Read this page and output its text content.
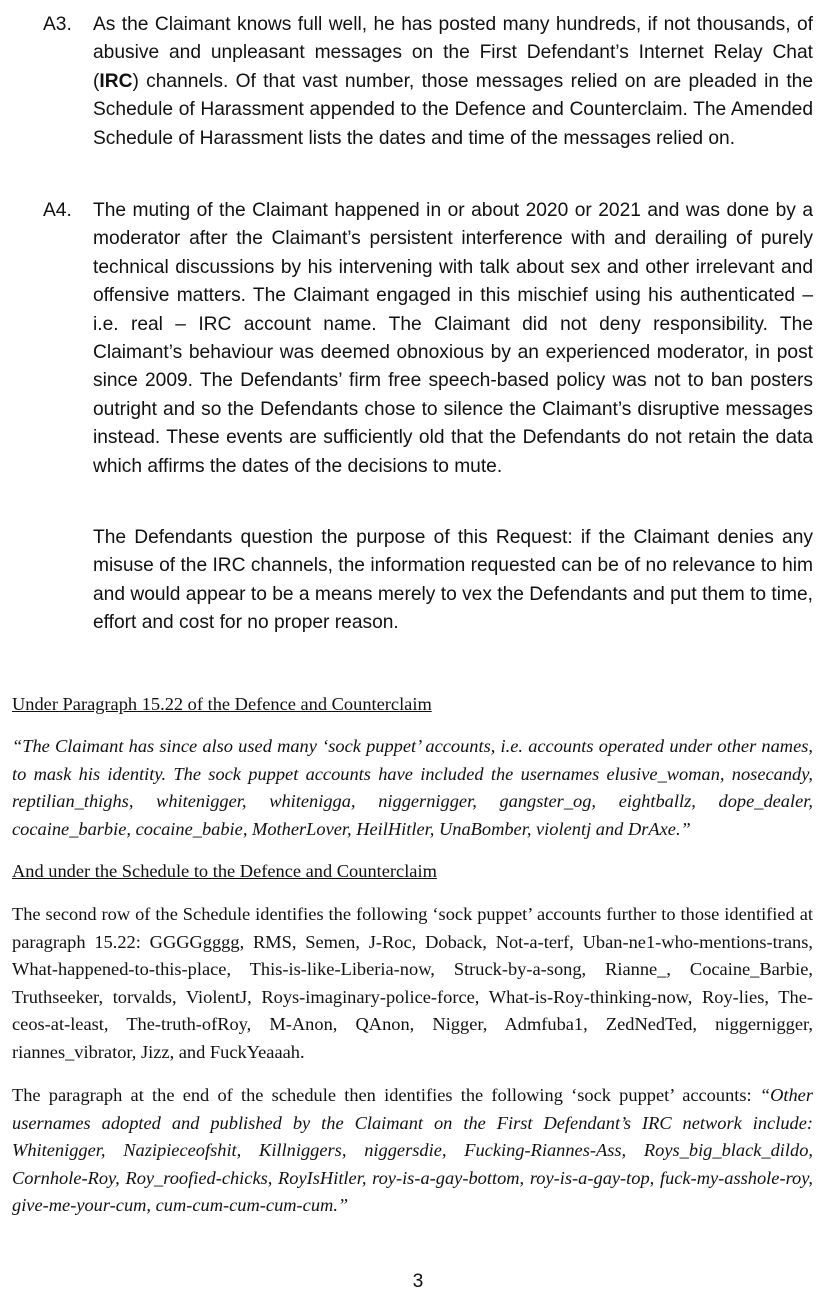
A3. As the Claimant knows full well, he has posted many hundreds, if not thousands, of abusive and unpleasant messages on the First Defendant’s Internet Relay Chat (IRC) channels. Of that vast number, those messages relied on are pleaded in the Schedule of Harassment appended to the Defence and Counterclaim. The Amended Schedule of Harassment lists the dates and time of the messages relied on.
A4. The muting of the Claimant happened in or about 2020 or 2021 and was done by a moderator after the Claimant’s persistent interference with and derailing of purely technical discussions by his intervening with talk about sex and other irrelevant and offensive matters. The Claimant engaged in this mischief using his authenticated – i.e. real – IRC account name. The Claimant did not deny responsibility. The Claimant’s behaviour was deemed obnoxious by an experienced moderator, in post since 2009. The Defendants’ firm free speech-based policy was not to ban posters outright and so the Defendants chose to silence the Claimant’s disruptive messages instead. These events are sufficiently old that the Defendants do not retain the data which affirms the dates of the decisions to mute.
The Defendants question the purpose of this Request: if the Claimant denies any misuse of the IRC channels, the information requested can be of no relevance to him and would appear to be a means merely to vex the Defendants and put them to time, effort and cost for no proper reason.
Under Paragraph 15.22 of the Defence and Counterclaim
“The Claimant has since also used many ‘sock puppet’ accounts, i.e. accounts operated under other names, to mask his identity. The sock puppet accounts have included the usernames elusive_woman, nosecandy, reptilian_thighs, whitenigger, whitenigga, niggernigger, gangster_og, eightballz, dope_dealer, cocaine_barbie, cocaine_babie, MotherLover, HeilHitler, UnaBomber, violentj and DrAxe.”
And under the Schedule to the Defence and Counterclaim
The second row of the Schedule identifies the following ‘sock puppet’ accounts further to those identified at paragraph 15.22: GGGGgggg, RMS, Semen, J-Roc, Doback, Not-a-terf, Uban-ne1-who-mentions-trans, What-happened-to-this-place, This-is-like-Liberia-now, Struck-by-a-song, Rianne_, Cocaine_Barbie, Truthseeker, torvalds, ViolentJ, Roys-imaginary-police-force, What-is-Roy-thinking-now, Roy-lies, The-ceos-at-least, The-truth-ofRoy, M-Anon, QAnon, Nigger, Admfuba1, ZedNedTed, niggernigger, riannes_vibrator, Jizz, and FuckYeaaah.
The paragraph at the end of the schedule then identifies the following ‘sock puppet’ accounts: “Other usernames adopted and published by the Claimant on the First Defendant’s IRC network include: Whitenigger, Nazipieceofshit, Killniggers, niggersdie, Fucking-Riannes-Ass, Roys_big_black_dildo, Cornhole-Roy, Roy_roofied-chicks, RoyIsHitler, roy-is-a-gay-bottom, roy-is-a-gay-top, fuck-my-asshole-roy, give-me-your-cum, cum-cum-cum-cum-cum.”
3
